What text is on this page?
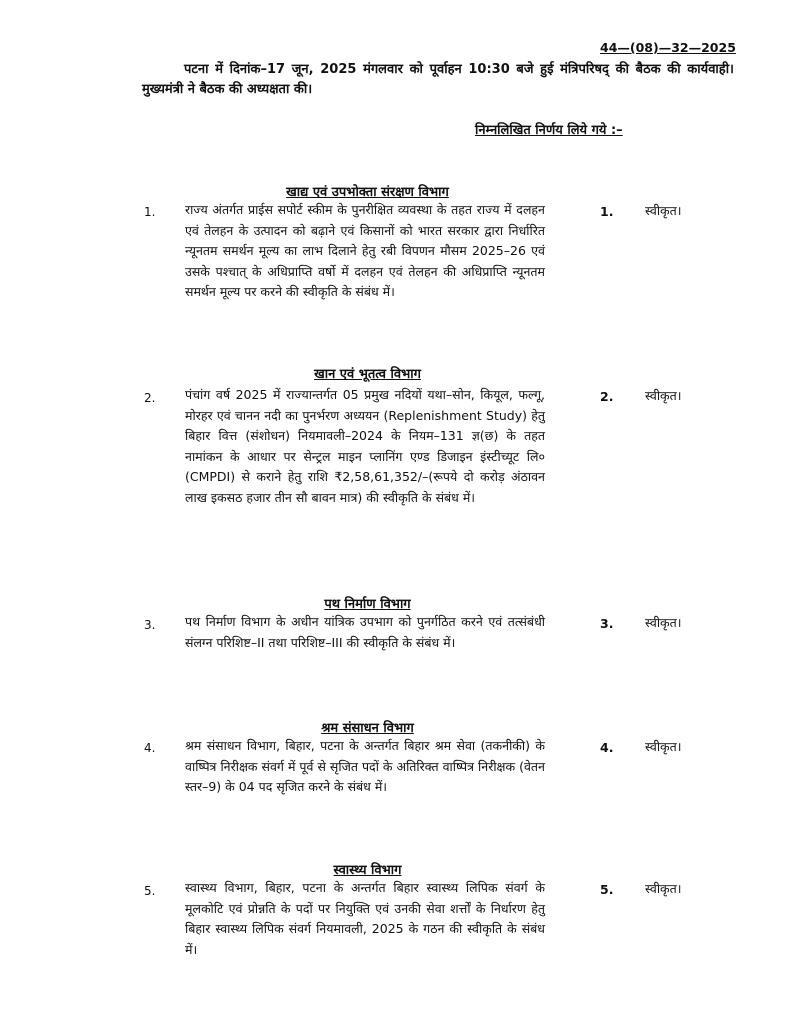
44—(08)—32—2025

पटना में दिनांक–17 जून, 2025 मंगलवार को पूर्वाहन 10:30 बजे हुई मंत्रिपरिषद् की बैठक की कार्यवाही। मुख्यमंत्री ने बैठक की अध्यक्षता की।

निम्नलिखित निर्णय लिये गये :–
खाद्य एवं उपभोक्ता संरक्षण विभाग
1. राज्य अंतर्गत प्राईस सपोर्ट स्कीम के पुनरीक्षित व्यवस्था के तहत राज्य में दलहन एवं तेलहन के उत्पादन को बढ़ाने एवं किसानों को भारत सरकार द्वारा निर्धारित न्यूनतम समर्थन मूल्य का लाभ दिलाने हेतु रबी विपणन मौसम 2025–26 एवं उसके पश्चात् के अधिप्राप्ति वर्षो में दलहन एवं तेलहन की अधिप्राप्ति न्यूनतम समर्थन मूल्य पर करने की स्वीकृति के संबंध में।

1.	स्वीकृत।
खान एवं भूतत्व विभाग
2. पंचांग वर्ष 2025 में राज्यान्तर्गत 05 प्रमुख नदियों यथा–सोन, कियूल, फल्गू, मोरहर एवं चानन नदी का पुनर्भरण अध्ययन (Replenishment Study) हेतु बिहार वित्त (संशोधन) नियमावली–2024 के नियम–131 ज्ञ(छ) के तहत नामांकन के आधार पर सेन्ट्रल माइन प्लानिंग एण्ड डिजाइन इंस्टीच्यूट लि० (CMPDI) से कराने हेतु राशि ₹2,58,61,352/–(रूपये दो करोड़ अंठावन लाख इकसठ हजार तीन सौ बावन मात्र) की स्वीकृति के संबंध में।

2.	स्वीकृत।
पथ निर्माण विभाग
3. पथ निर्माण विभाग के अधीन यांत्रिक उपभाग को पुनर्गठित करने एवं तत्संबंधी संलग्न परिशिष्ट–II तथा परिशिष्ट–III की स्वीकृति के संबंध में।

3.	स्वीकृत।
श्रम संसाधन विभाग
4. श्रम संसाधन विभाग, बिहार, पटना के अन्तर्गत बिहार श्रम सेवा (तकनीकी) के वाष्पित्र निरीक्षक संवर्ग में पूर्व से सृजित पदों के अतिरिक्त वाष्पित्र निरीक्षक (वेतन स्तर–9) के 04 पद सृजित करने के संबंध में।

4.	स्वीकृत।
स्वास्थ्य विभाग
5. स्वास्थ्य विभाग, बिहार, पटना के अन्तर्गत बिहार स्वास्थ्य लिपिक संवर्ग के मूलकोटि एवं प्रोन्नति के पदों पर नियुक्ति एवं उनकी सेवा शर्त्तों के निर्धारण हेतु बिहार स्वास्थ्य लिपिक संवर्ग नियमावली, 2025 के गठन की स्वीकृति के संबंध में।

5.	स्वीकृत।
